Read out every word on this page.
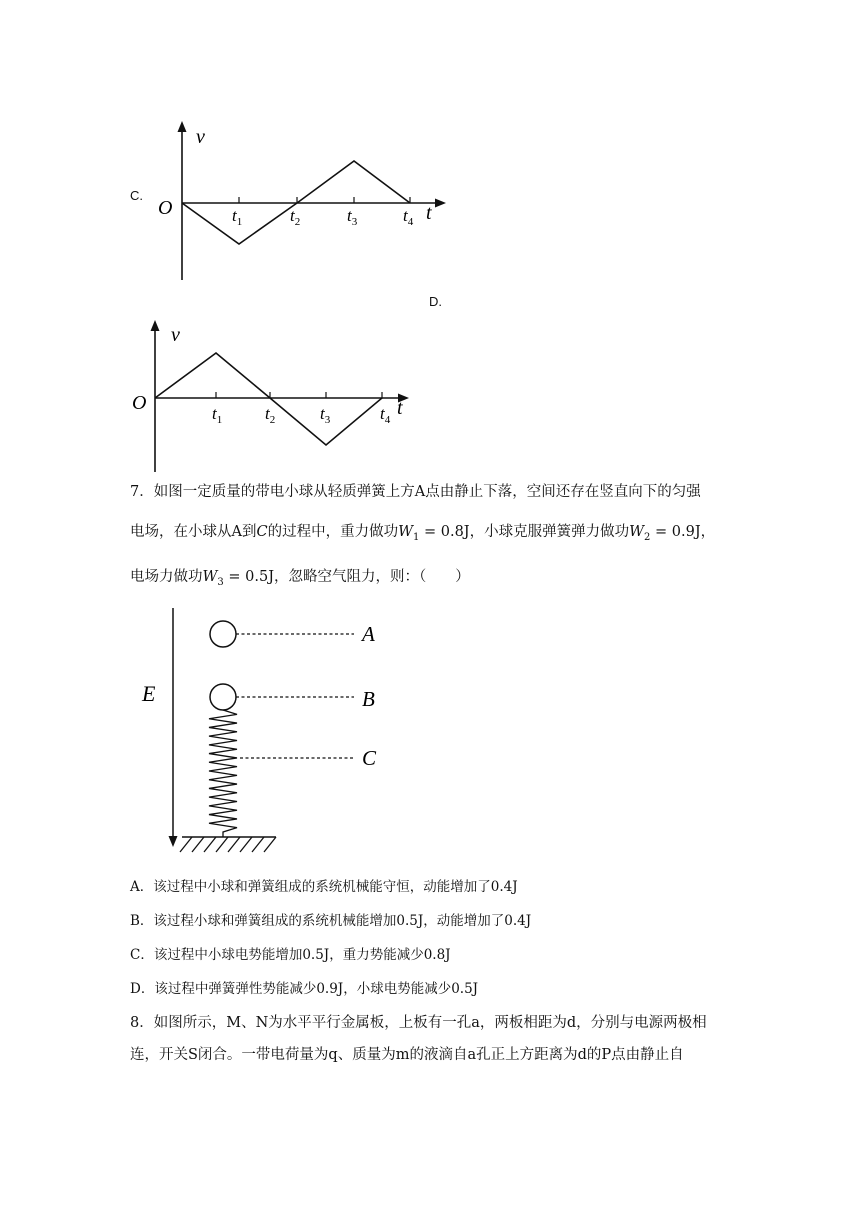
C.
v
t
O	$t_1$	$t_2$	$t_3$	$t_4$
D.
v
t
O	$t_1$	$t_2$	$t_3$	$t_4$
7．如图一定质量的带电小球从轻质弹簧上方A点由静止下落，空间还存在竖直向下的匀强
电场，在小球从A到C的过程中，重力做功$W_1 = 0.8J$，小球克服弹簧弹力做功$W_2 = 0.9J$，
电场力做功$W_3 = 0.5J$，忽略空气阻力，则：（　　）
E
A
B
C
A．该过程中小球和弹簧组成的系统机械能守恒，动能增加了0.4J
B．该过程小球和弹簧组成的系统机械能增加0.5J，动能增加了0.4J
C．该过程中小球电势能增加0.5J，重力势能减少0.8J
D．该过程中弹簧弹性势能减少0.9J，小球电势能减少0.5J
8．如图所示，M、N为水平平行金属板，上板有一孔a，两板相距为d，分别与电源两极相
连，开关S闭合。一带电荷量为q、质量为m的液滴自a孔正上方距离为d的P点由静止自
